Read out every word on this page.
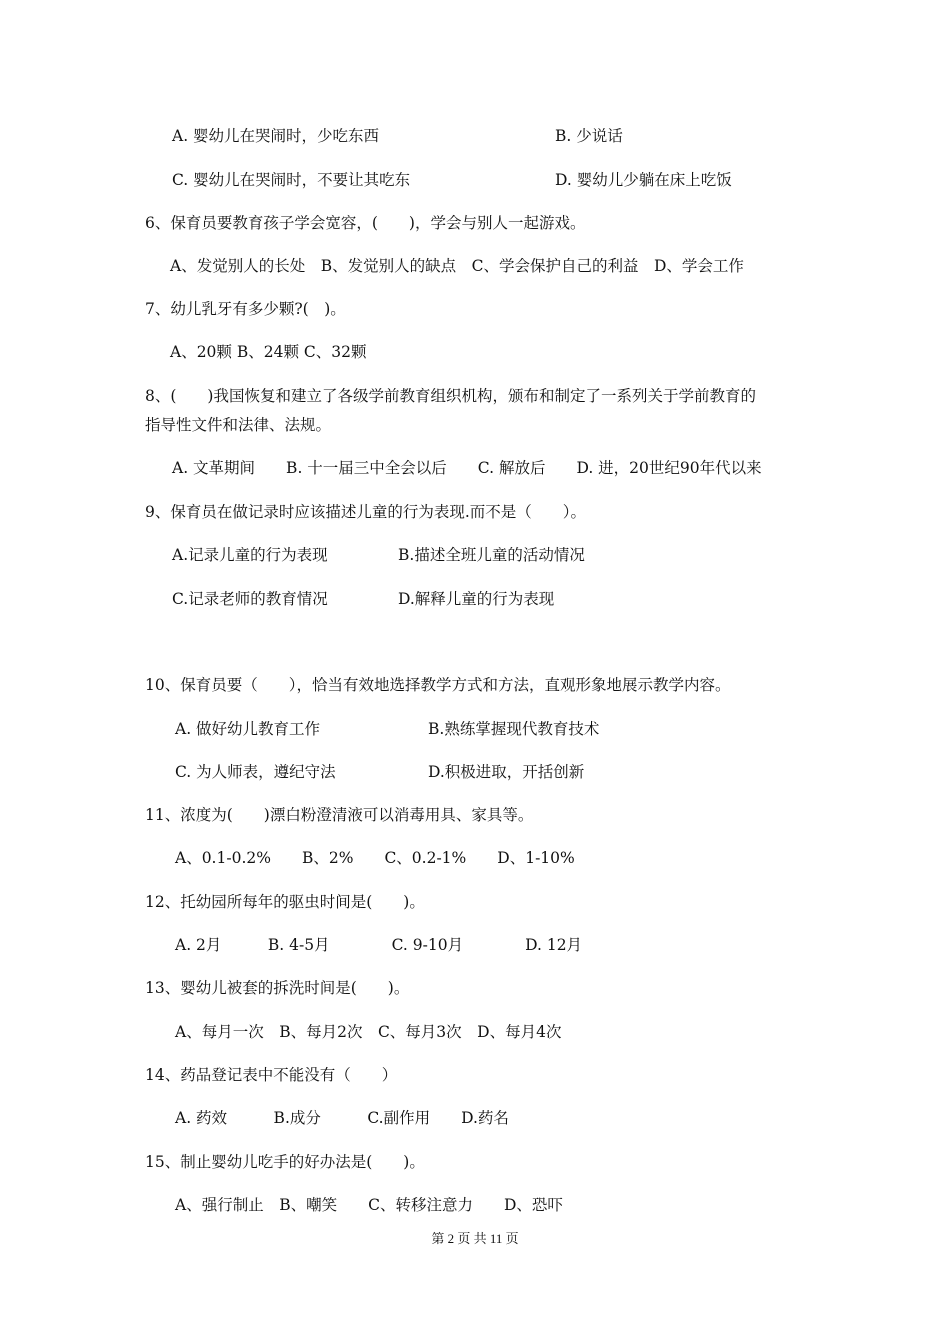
A. 婴幼儿在哭闹时，少吃东西	B. 少说话
C. 婴幼儿在哭闹时，不要让其吃东	D. 婴幼儿少躺在床上吃饭
6、保育员要教育孩子学会宽容，(　　)，学会与别人一起游戏。
A、发觉别人的长处　B、发觉别人的缺点　C、学会保护自己的利益　D、学会工作
7、幼儿乳牙有多少颗?(　)。
A、20颗 B、24颗 C、32颗
8、(　　)我国恢复和建立了各级学前教育组织机构，颁布和制定了一系列关于学前教育的
指导性文件和法律、法规。
A. 文革期间　　B. 十一届三中全会以后　　C. 解放后　　D. 进，20世纪90年代以来
9、保育员在做记录时应该描述儿童的行为表现.而不是（　　）。
A.记录儿童的行为表现	B.描述全班儿童的活动情况
C.记录老师的教育情况	D.解释儿童的行为表现
10、保育员要（　　），恰当有效地选择教学方式和方法，直观形象地展示教学内容。
A. 做好幼儿教育工作	B.熟练掌握现代教育技术
C. 为人师表，遵纪守法	D.积极进取，开括创新
11、浓度为(　　)漂白粉澄清液可以消毒用具、家具等。
A、0.1-0.2%　　B、2%　　C、0.2-1%　　D、1-10%
12、托幼园所每年的驱虫时间是(　　)。
A. 2月　　　B. 4-5月　　　　C. 9-10月　　　　D. 12月
13、婴幼儿被套的拆洗时间是(　　)。
A、每月一次　B、每月2次　C、每月3次　D、每月4次
14、药品登记表中不能没有（　　）
A. 药效　　　B.成分　　　C.副作用　　D.药名
15、制止婴幼儿吃手的好办法是(　　)。
A、强行制止　B、嘲笑　　C、转移注意力　　D、恐吓
第 2 页 共 11 页
